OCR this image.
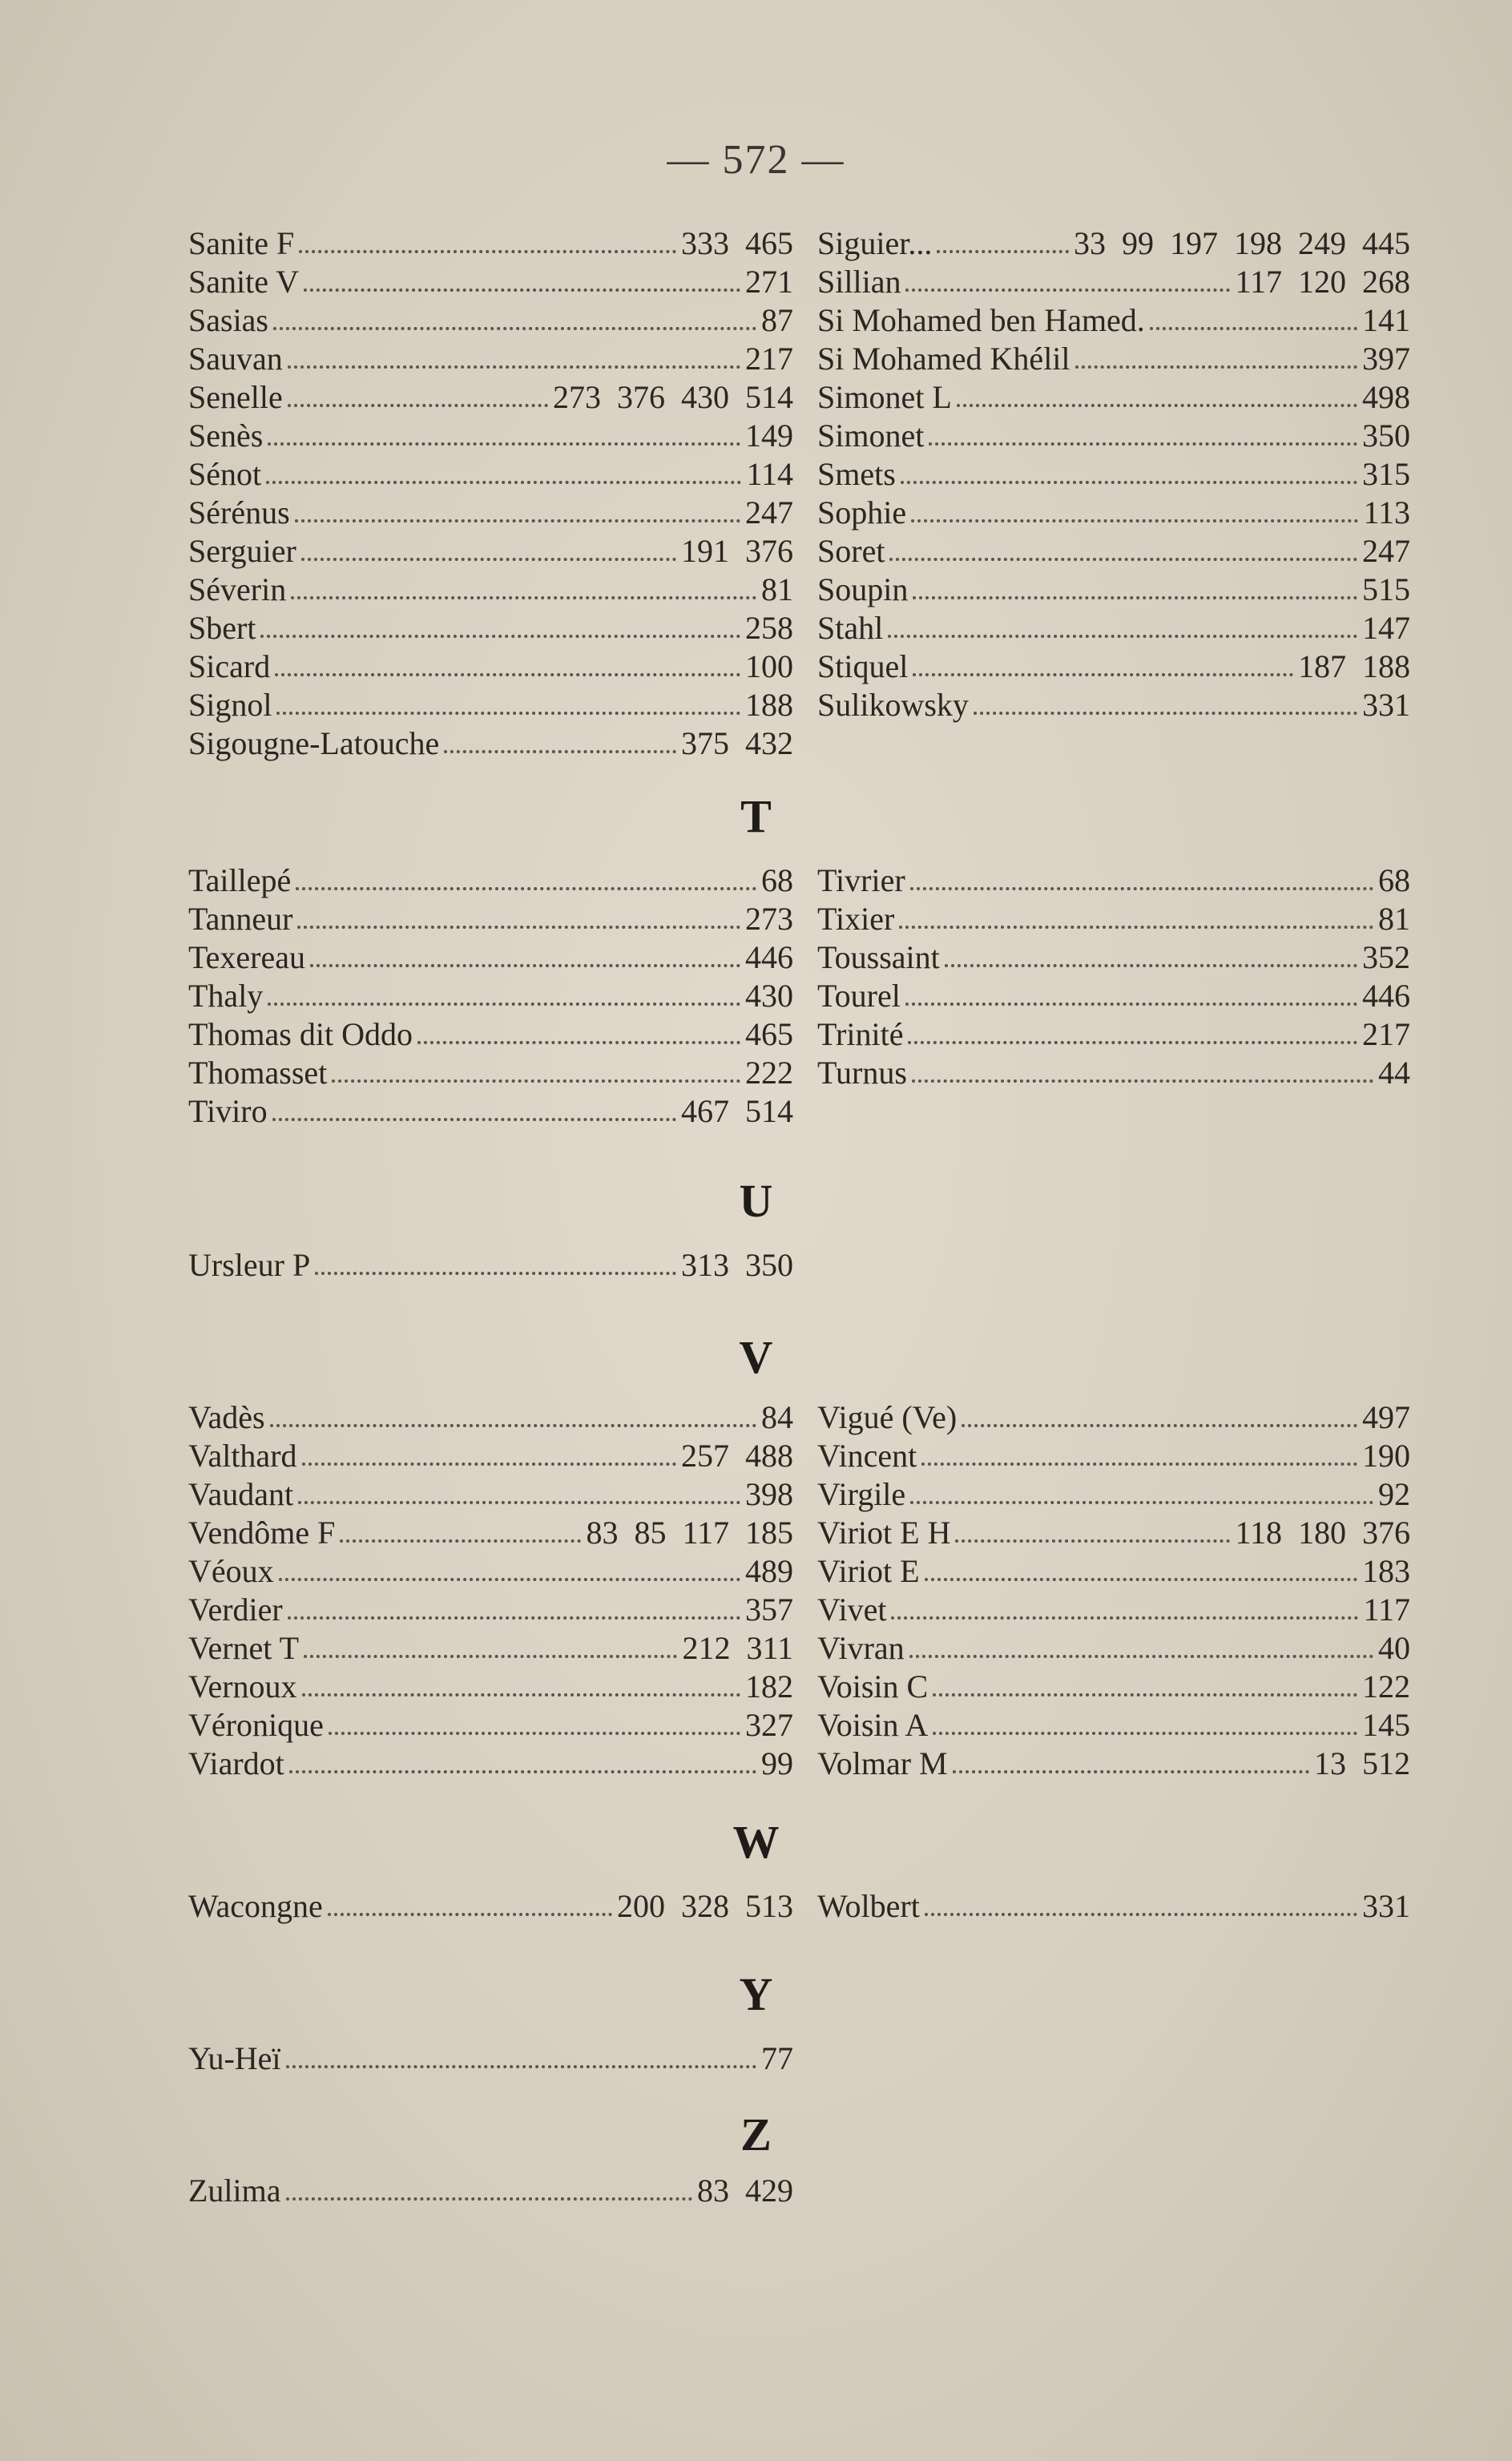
— 572 —
Sanite F	333 465 Siguier...	33 99 197 198 249 445
Sanite V	271 Sillian	117 120 268
Sasias	87 Si Mohamed ben Hamed.	141
Sauvan	217 Si Mohamed Khélil	397
Senelle	273 376 430 514 Simonet L	498
Senès	149 Simonet	350
Sénot	114 Smets	315
Sérénus	247 Sophie	113
Serguier	191 376 Soret	247
Séverin	81 Soupin	515
Sbert	258 Stahl	147
Sicard	100 Stiquel	187 188
Signol	188 Sulikowsky	331
Sigougne-Latouche	375 432
T
Taillepé	68 Tivrier	68
Tanneur	273 Tixier	81
Texereau	446 Toussaint	352
Thaly	430 Tourel	446
Thomas dit Oddo	465 Trinité	217
Thomasset	222 Turnus	44
Tiviro	467 514
U
Ursleur P	313 350
V
Vadès	84 Vigué (Ve)	497
Valthard	257 488 Vincent	190
Vaudant	398 Virgile	92
Vendôme F	83 85 117 185 Viriot E H	118 180 376
Véoux	489 Viriot E	183
Verdier	357 Vivet	117
Vernet T	212 311 Vivran	40
Vernoux	182 Voisin C	122
Véronique	327 Voisin A	145
Viardot	99 Volmar M	13 512
W
Wacongne	200 328 513 Wolbert	331
Y
Yu-Heï	77
Z
Zulima	83 429
